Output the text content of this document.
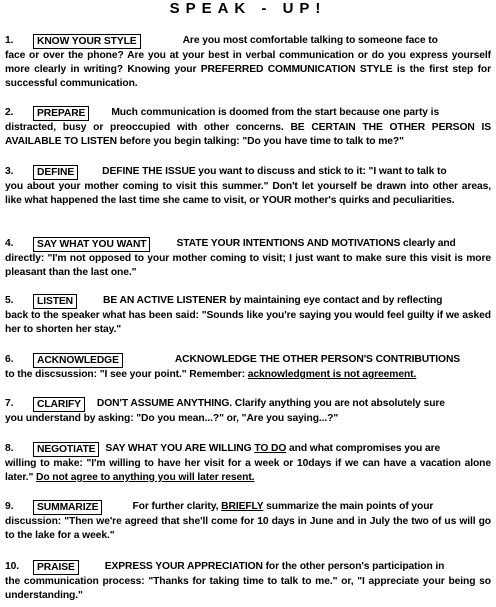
SPEAK - UP!
1.	KNOW YOUR STYLE	Are you most comfortable talking to someone face to
face or over the phone? Are you at your best in verbal communication or do you express yourself more clearly in writing? Knowing your PREFERRED COMMUNICATION STYLE is the first step for successful communication.
2.	PREPARE	Much communication is doomed from the start because one party is
distracted, busy or preoccupied with other concerns. BE CERTAIN THE OTHER PERSON IS AVAILABLE TO LISTEN before you begin talking: "Do you have time to talk to me?"
3.	DEFINE	DEFINE THE ISSUE you want to discuss and stick to it: "I want to talk to
you about your mother coming to visit this summer." Don't let yourself be drawn into other areas, like what happened the last time she came to visit, or YOUR mother's quirks and peculiarities.
4.	SAY WHAT YOU WANT	STATE YOUR INTENTIONS AND MOTIVATIONS clearly and
directly: "I'm not opposed to your mother coming to visit; I just want to make sure this visit is more pleasant than the last one."
5.	LISTEN	BE AN ACTIVE LISTENER by maintaining eye contact and by reflecting
back to the speaker what has been said: "Sounds like you're saying you would feel guilty if we asked her to shorten her stay."
6.	ACKNOWLEDGE	ACKNOWLEDGE THE OTHER PERSON'S CONTRIBUTIONS
to the discsussion: "I see your point." Remember: acknowledgment is not agreement.
7.	CLARIFY	DON'T ASSUME ANYTHING. Clarify anything you are not absolutely sure
you understand by asking: "Do you mean...?" or, "Are you saying...?"
8.	NEGOTIATE SAY WHAT YOU ARE WILLING TO DO and what compromises you are
willing to make: "I'm willing to have her visit for a week or 10days if we can have a vacation alone later." Do not agree to anything you will later resent.
9.	SUMMARIZE	For further clarity, BRIEFLY summarize the main points of your
discussion: "Then we're agreed that she'll come for 10 days in June and in July the two of us will go to the lake for a week."
10.	PRAISE	EXPRESS YOUR APPRECIATION for the other person's participation in
the communication process: "Thanks for taking time to talk to me." or, "I appreciate your being so understanding."
